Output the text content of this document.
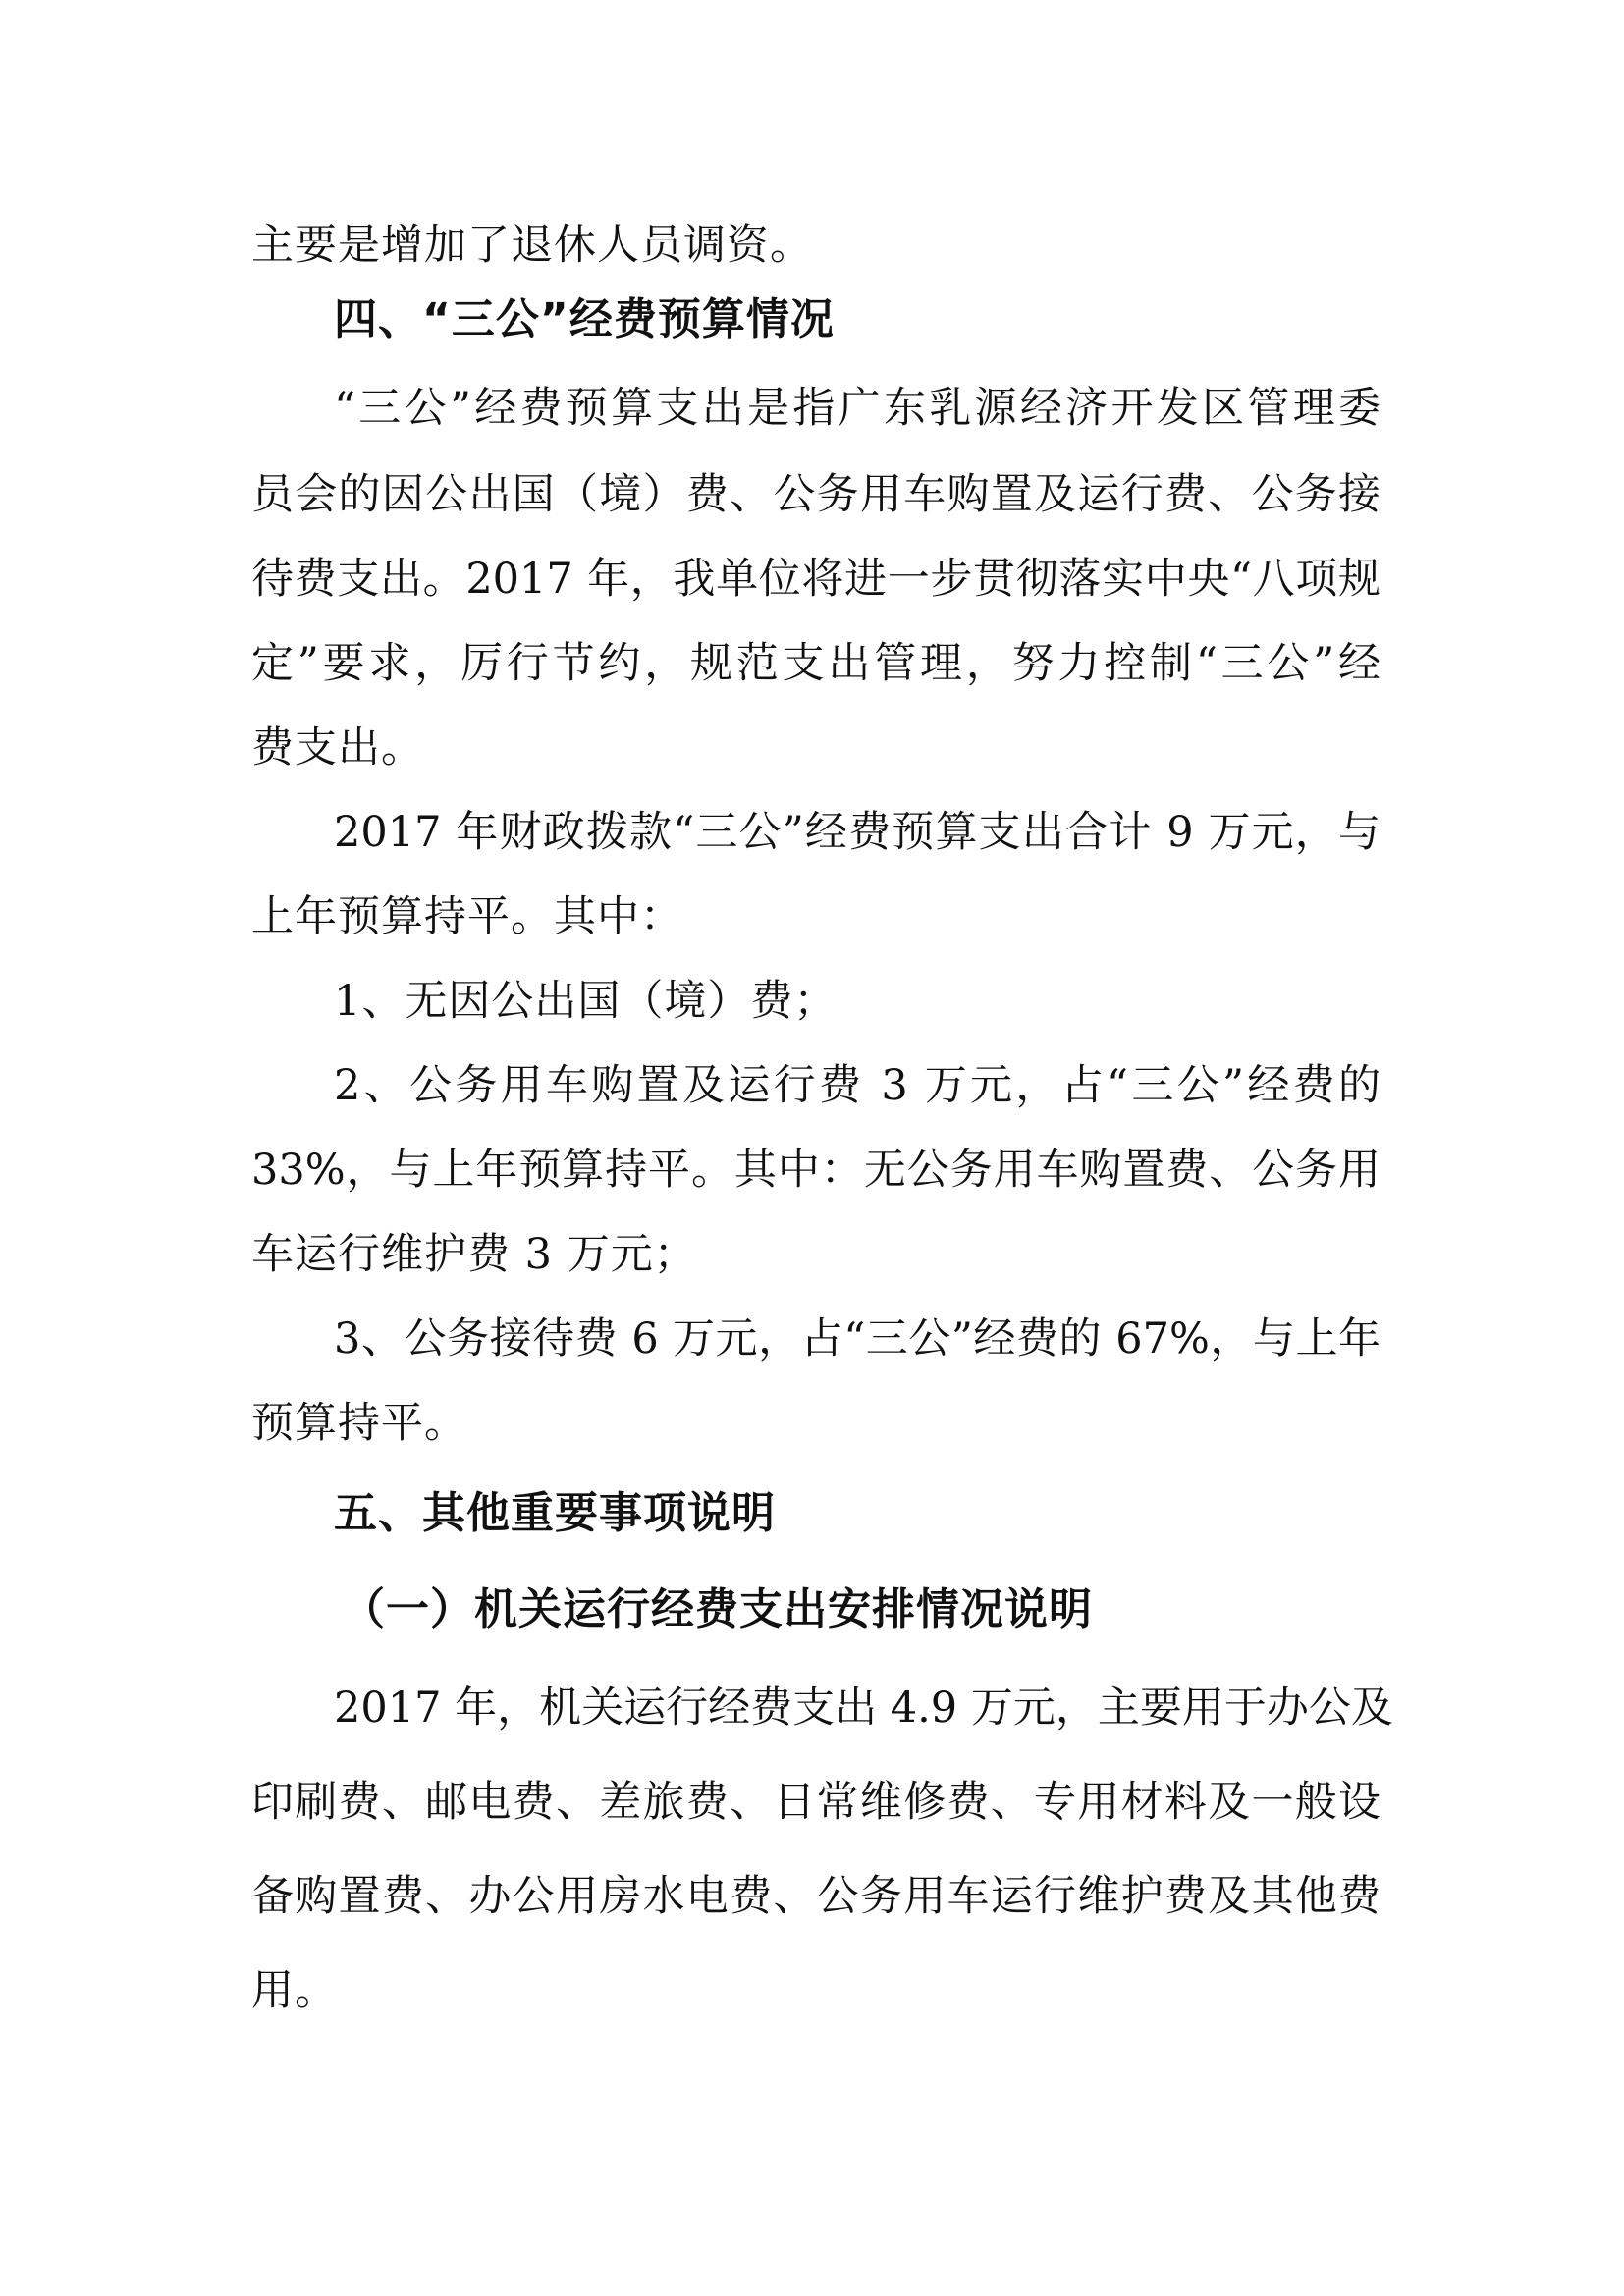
主要是增加了退休人员调资。
四、“三公”经费预算情况
“三公”经费预算支出是指广东乳源经济开发区管理委
员会的因公出国（境）费、公务用车购置及运行费、公务接
待费支出。2017 年，我单位将进一步贯彻落实中央“八项规
定”要求，厉行节约，规范支出管理，努力控制“三公”经
费支出。
2017 年财政拨款“三公”经费预算支出合计 9 万元，与
上年预算持平。其中：
1、无因公出国（境）费；
2、公务用车购置及运行费 3 万元，占“三公”经费的
33%，与上年预算持平。其中：无公务用车购置费、公务用
车运行维护费 3 万元；
3、公务接待费 6 万元，占“三公”经费的 67%，与上年
预算持平。
五、其他重要事项说明
（一）机关运行经费支出安排情况说明
2017 年，机关运行经费支出 4.9 万元，主要用于办公及
印刷费、邮电费、差旅费、日常维修费、专用材料及一般设
备购置费、办公用房水电费、公务用车运行维护费及其他费
用。
